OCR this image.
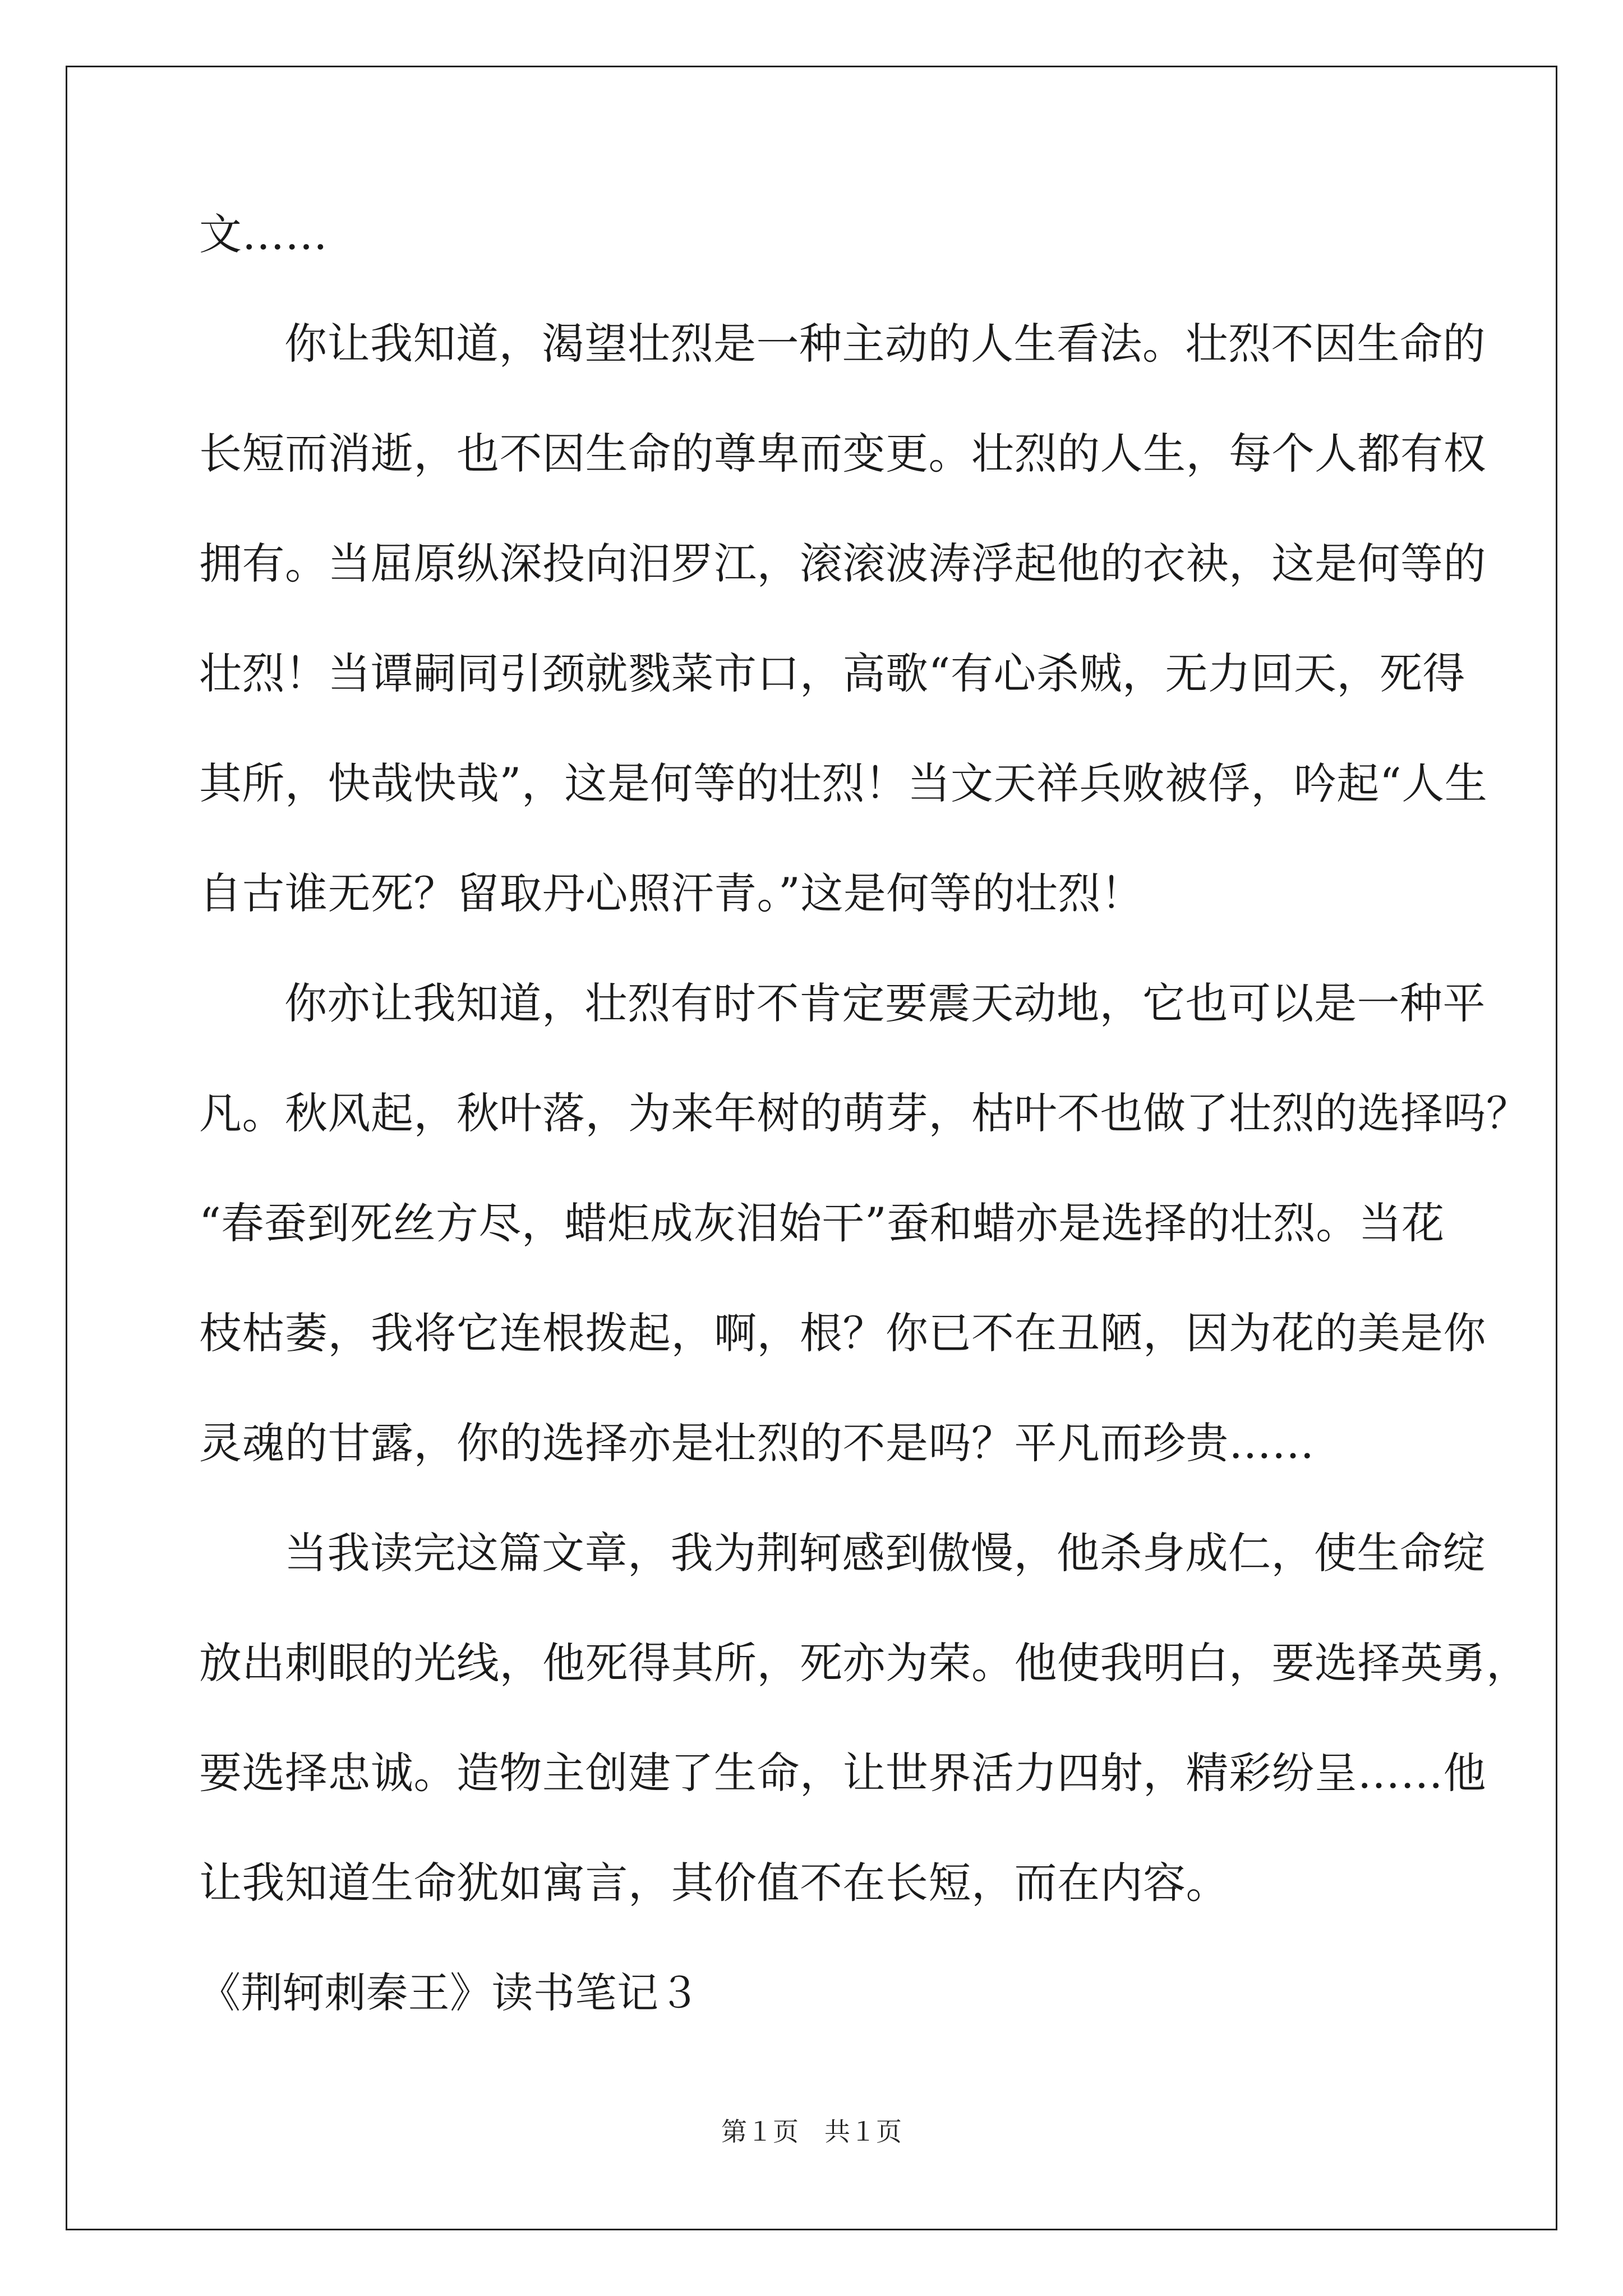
文……
你让我知道，渴望壮烈是一种主动的人生看法。壮烈不因生命的
长短而消逝，也不因生命的尊卑而变更。壮烈的人生，每个人都有权
拥有。当屈原纵深投向汨罗江，滚滚波涛浮起他的衣袂，这是何等的
壮烈！当谭嗣同引颈就戮菜市口，高歌“有心杀贼，无力回天，死得
其所，快哉快哉”，这是何等的壮烈！当文天祥兵败被俘，吟起“人生
自古谁无死？留取丹心照汗青。”这是何等的壮烈！
你亦让我知道，壮烈有时不肯定要震天动地，它也可以是一种平
凡。秋风起，秋叶落，为来年树的萌芽，枯叶不也做了壮烈的选择吗？
“春蚕到死丝方尽，蜡炬成灰泪始干”蚕和蜡亦是选择的壮烈。当花
枝枯萎，我将它连根拨起，啊，根？你已不在丑陋，因为花的美是你
灵魂的甘露，你的选择亦是壮烈的不是吗？平凡而珍贵……
当我读完这篇文章，我为荆轲感到傲慢，他杀身成仁，使生命绽
放出刺眼的光线，他死得其所，死亦为荣。他使我明白，要选择英勇，
要选择忠诚。造物主创建了生命，让世界活力四射，精彩纷呈……他
让我知道生命犹如寓言，其价值不在长短，而在内容。
《荆轲刺秦王》读书笔记３
第１页　共１页
